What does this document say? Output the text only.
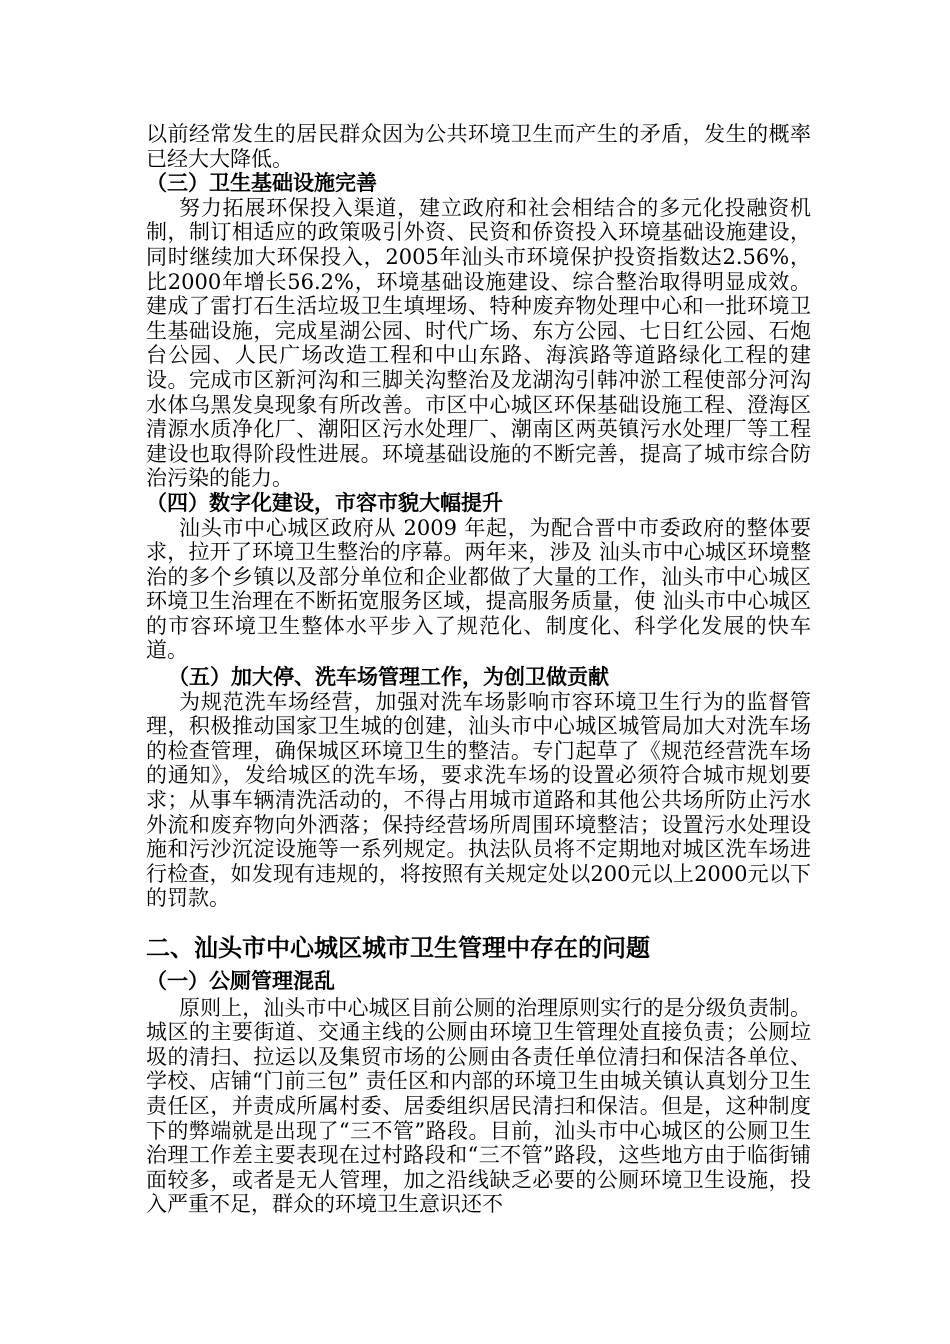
以前经常发生的居民群众因为公共环境卫生而产生的矛盾，发生的概率已经大大降低。

（三）卫生基础设施完善

努力拓展环保投入渠道，建立政府和社会相结合的多元化投融资机制，制订相适应的政策吸引外资、民资和侨资投入环境基础设施建设，同时继续加大环保投入，2005年汕头市环境保护投资指数达2.56%，比2000年增长56.2%，环境基础设施建设、综合整治取得明显成效。建成了雷打石生活垃圾卫生填埋场、特种废弃物处理中心和一批环境卫生基础设施，完成星湖公园、时代广场、东方公园、七日红公园、石炮台公园、人民广场改造工程和中山东路、海滨路等道路绿化工程的建设。完成市区新河沟和三脚关沟整治及龙湖沟引韩冲淤工程使部分河沟水体乌黑发臭现象有所改善。市区中心城区环保基础设施工程、澄海区清源水质净化厂、潮阳区污水处理厂、潮南区两英镇污水处理厂等工程建设也取得阶段性进展。环境基础设施的不断完善，提高了城市综合防治污染的能力。

（四）数字化建设，市容市貌大幅提升

汕头市中心城区政府从 2009 年起，为配合晋中市委政府的整体要求，拉开了环境卫生整治的序幕。两年来，涉及 汕头市中心城区环境整治的多个乡镇以及部分单位和企业都做了大量的工作，汕头市中心城区环境卫生治理在不断拓宽服务区域，提高服务质量，使 汕头市中心城区的市容环境卫生整体水平步入了规范化、制度化、科学化发展的快车道。

（五）加大停、洗车场管理工作，为创卫做贡献

为规范洗车场经营，加强对洗车场影响市容环境卫生行为的监督管理，积极推动国家卫生城的创建，汕头市中心城区城管局加大对洗车场的检查管理，确保城区环境卫生的整洁。专门起草了《规范经营洗车场的通知》，发给城区的洗车场，要求洗车场的设置必须符合城市规划要求；从事车辆清洗活动的，不得占用城市道路和其他公共场所防止污水外流和废弃物向外洒落；保持经营场所周围环境整洁；设置污水处理设施和污沙沉淀设施等一系列规定。执法队员将不定期地对城区洗车场进行检查，如发现有违规的，将按照有关规定处以200元以上2000元以下的罚款。

二、汕头市中心城区城市卫生管理中存在的问题

（一）公厕管理混乱

原则上，汕头市中心城区目前公厕的治理原则实行的是分级负责制。城区的主要街道、交通主线的公厕由环境卫生管理处直接负责；公厕垃圾的清扫、拉运以及集贸市场的公厕由各责任单位清扫和保洁各单位、学校、店铺“门前三包” 责任区和内部的环境卫生由城关镇认真划分卫生责任区，并责成所属村委、居委组织居民清扫和保洁。但是，这种制度下的弊端就是出现了“三不管”路段。目前，汕头市中心城区的公厕卫生治理工作差主要表现在过村路段和“三不管”路段，这些地方由于临街铺面较多，或者是无人管理，加之沿线缺乏必要的公厕环境卫生设施，投入严重不足，群众的环境卫生意识还不
